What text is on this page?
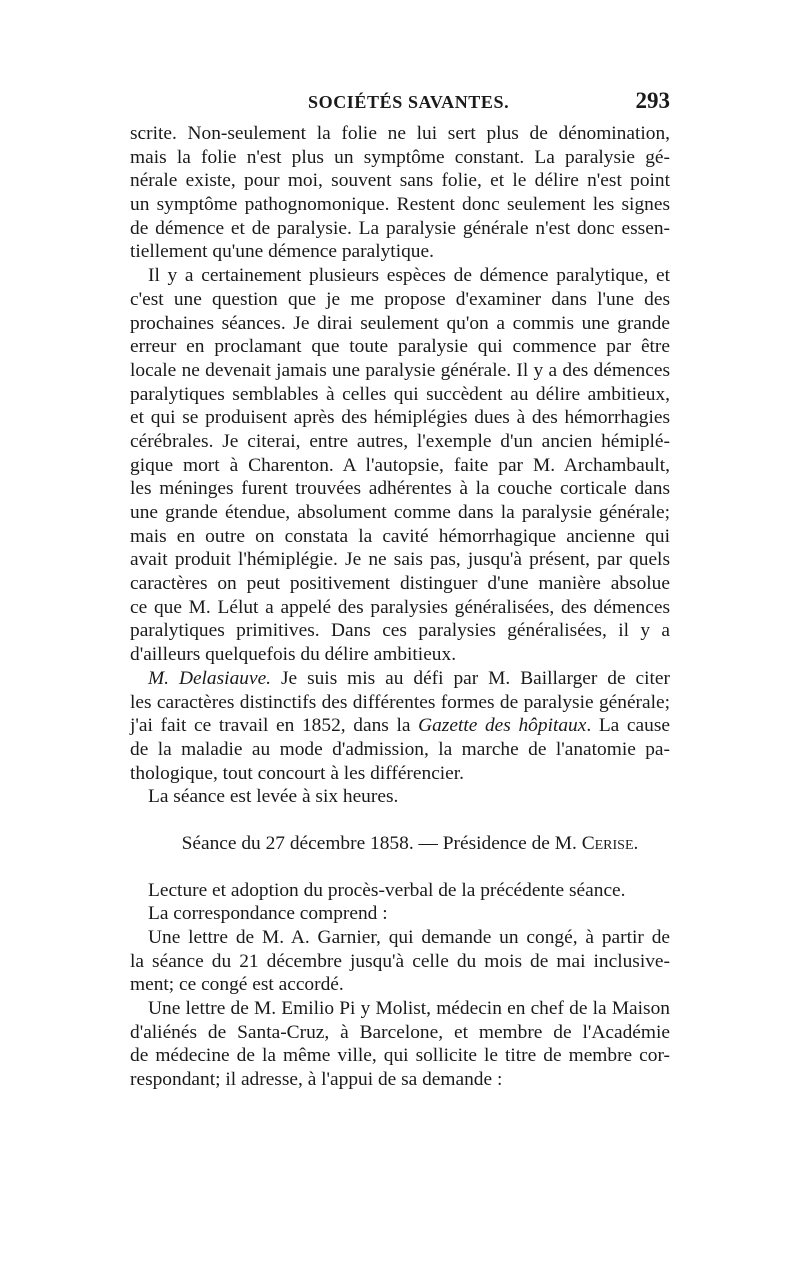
SOCIÉTÉS SAVANTES.	293
scrite. Non-seulement la folie ne lui sert plus de dénomination,
mais la folie n'est plus un symptôme constant. La paralysie gé-
nérale existe, pour moi, souvent sans folie, et le délire n'est point
un symptôme pathognomonique. Restent donc seulement les signes
de démence et de paralysie. La paralysie générale n'est donc essen-
tiellement qu'une démence paralytique.
Il y a certainement plusieurs espèces de démence paralytique, et
c'est une question que je me propose d'examiner dans l'une des
prochaines séances. Je dirai seulement qu'on a commis une grande
erreur en proclamant que toute paralysie qui commence par être
locale ne devenait jamais une paralysie générale. Il y a des démences
paralytiques semblables à celles qui succèdent au délire ambitieux,
et qui se produisent après des hémiplégies dues à des hémorrhagies
cérébrales. Je citerai, entre autres, l'exemple d'un ancien hémiplé-
gique mort à Charenton. A l'autopsie, faite par M. Archambault,
les méninges furent trouvées adhérentes à la couche corticale dans
une grande étendue, absolument comme dans la paralysie générale;
mais en outre on constata la cavité hémorrhagique ancienne qui
avait produit l'hémiplégie. Je ne sais pas, jusqu'à présent, par quels
caractères on peut positivement distinguer d'une manière absolue
ce que M. Lélut a appelé des paralysies généralisées, des démences
paralytiques primitives. Dans ces paralysies généralisées, il y a
d'ailleurs quelquefois du délire ambitieux.
M. Delasiauve. Je suis mis au défi par M. Baillarger de citer
les caractères distinctifs des différentes formes de paralysie générale;
j'ai fait ce travail en 1852, dans la Gazette des hôpitaux. La cause
de la maladie au mode d'admission, la marche de l'anatomie pa-
thologique, tout concourt à les différencier.
La séance est levée à six heures.
Séance du 27 décembre 1858. — Présidence de M. Cerise.
Lecture et adoption du procès-verbal de la précédente séance.
La correspondance comprend :
Une lettre de M. A. Garnier, qui demande un congé, à partir de
la séance du 21 décembre jusqu'à celle du mois de mai inclusive-
ment; ce congé est accordé.
Une lettre de M. Emilio Pi y Molist, médecin en chef de la Maison
d'aliénés de Santa-Cruz, à Barcelone, et membre de l'Académie
de médecine de la même ville, qui sollicite le titre de membre cor-
respondant; il adresse, à l'appui de sa demande :
